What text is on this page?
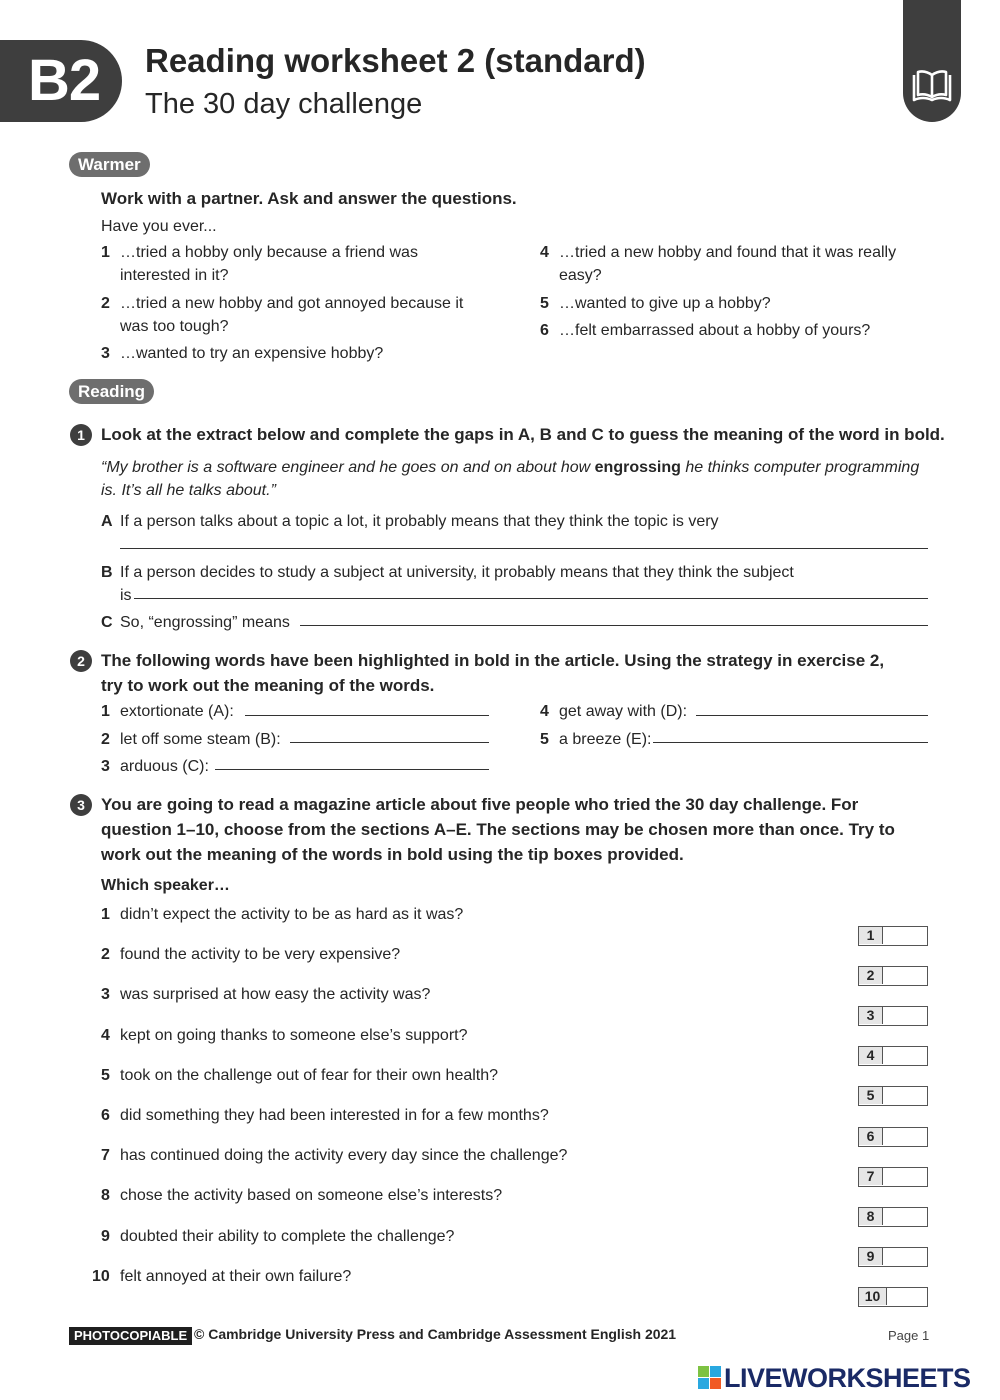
B2	Reading worksheet 2 (standard)
The 30 day challenge
Warmer
Work with a partner. Ask and answer the questions.
Have you ever...
1 …tried a hobby only because a friend was interested in it?
2 …tried a new hobby and got annoyed because it was too tough?
3 …wanted to try an expensive hobby?
4 …tried a new hobby and found that it was really easy?
5 …wanted to give up a hobby?
6 …felt embarrassed about a hobby of yours?
Reading
1 Look at the extract below and complete the gaps in A, B and C to guess the meaning of the word in bold.
“My brother is a software engineer and he goes on and on about how engrossing he thinks computer programming is. It’s all he talks about.”
A If a person talks about a topic a lot, it probably means that they think the topic is very
B If a person decides to study a subject at university, it probably means that they think the subject
is
C So, “engrossing” means
2 The following words have been highlighted in bold in the article. Using the strategy in exercise 2, try to work out the meaning of the words.
1 extortionate (A):
2 let off some steam (B):
3 arduous (C):
4 get away with (D):
5 a breeze (E):
3 You are going to read a magazine article about five people who tried the 30 day challenge. For question 1–10, choose from the sections A–E. The sections may be chosen more than once. Try to work out the meaning of the words in bold using the tip boxes provided.
Which speaker…
1 didn’t expect the activity to be as hard as it was?
1
2 found the activity to be very expensive?
2
3 was surprised at how easy the activity was?
3
4 kept on going thanks to someone else’s support?
4
5 took on the challenge out of fear for their own health?
5
6 did something they had been interested in for a few months?
6
7 has continued doing the activity every day since the challenge?
7
8 chose the activity based on someone else’s interests?
8
9 doubted their ability to complete the challenge?
9
10 felt annoyed at their own failure?
10
PHOTOCOPIABLE © Cambridge University Press and Cambridge Assessment English 2021	Page 1
LIVEWORKSHEETS
